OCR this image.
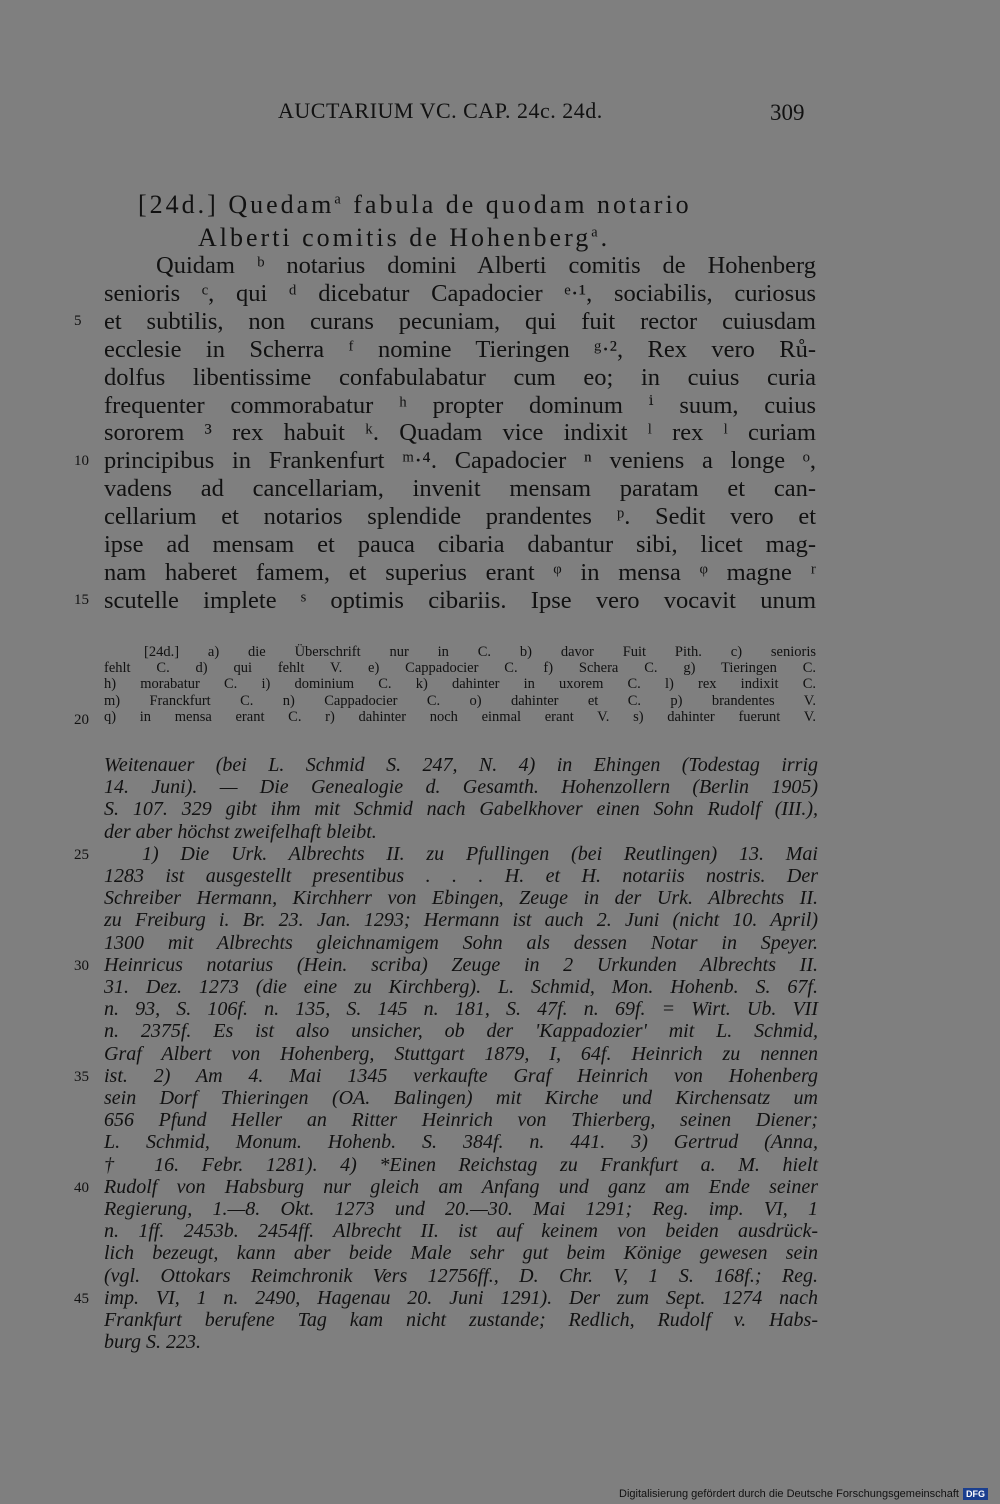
AUCTARIUM VC. CAP. 24c. 24d.	309
[24d.] Quedam$^a$ fabula de quodam notario
Alberti comitis de Hohenberg$^a$.
Quidam ᵇ notarius domini Alberti comitis de Hohenberg
senioris ᶜ, qui ᵈ dicebatur Capadocier ᵉ·¹, sociabilis, curiosus
et subtilis, non curans pecuniam, qui fuit rector cuiusdam
ecclesie in Scherra ᶠ nomine Tieringen ᵍ·², Rex vero Rů-
dolfus libentissime confabulabatur cum eo; in cuius curia
frequenter commorabatur ʰ propter dominum ⁱ suum, cuius
sororem ³ rex habuit ᵏ. Quadam vice indixit ˡ rex ˡ curiam
principibus in Frankenfurt ᵐ·⁴. Capadocier ⁿ veniens a longe ᵒ,
vadens ad cancellariam, invenit mensam paratam et can-
cellarium et notarios splendide prandentes ᵖ. Sedit vero et
ipse ad mensam et pauca cibaria dabantur sibi, licet mag-
nam haberet famem, et superius erant ᵠ in mensa ᵠ magne ʳ
scutelle implete ˢ optimis cibariis. Ipse vero vocavit unum
5
10
15
[24d.] a) die Überschrift nur in C. b) davor Fuit Pith. c) senioris
fehlt C. d) qui fehlt V. e) Cappadocier C. f) Schera C. g) Tieringen C.
h) morabatur C. i) dominium C. k) dahinter in uxorem C. l) rex indixit C.
m) Franckfurt C. n) Cappadocier C. o) dahinter et C. p) brandentes V.
q) in mensa erant C. r) dahinter noch einmal erant V. s) dahinter fuerunt V.
20
Weitenauer (bei L. Schmid S. 247, N. 4) in Ehingen (Todestag irrig
14. Juni). — Die Genealogie d. Gesamth. Hohenzollern (Berlin 1905)
S. 107. 329 gibt ihm mit Schmid nach Gabelkhover einen Sohn Rudolf (III.),
der aber höchst zweifelhaft bleibt.
1) Die Urk. Albrechts II. zu Pfullingen (bei Reutlingen) 13. Mai
1283 ist ausgestellt presentibus . . . H. et H. notariis nostris. Der
Schreiber Hermann, Kirchherr von Ebingen, Zeuge in der Urk. Albrechts II.
zu Freiburg i. Br. 23. Jan. 1293; Hermann ist auch 2. Juni (nicht 10. April)
1300 mit Albrechts gleichnamigem Sohn als dessen Notar in Speyer.
Heinricus notarius (Hein. scriba) Zeuge in 2 Urkunden Albrechts II.
31. Dez. 1273 (die eine zu Kirchberg). L. Schmid, Mon. Hohenb. S. 67f.
n. 93, S. 106f. n. 135, S. 145 n. 181, S. 47f. n. 69f. = Wirt. Ub. VII
n. 2375f. Es ist also unsicher, ob der 'Kappadozier' mit L. Schmid,
Graf Albert von Hohenberg, Stuttgart 1879, I, 64f. Heinrich zu nennen
ist. 2) Am 4. Mai 1345 verkaufte Graf Heinrich von Hohenberg
sein Dorf Thieringen (OA. Balingen) mit Kirche und Kirchensatz um
656 Pfund Heller an Ritter Heinrich von Thierberg, seinen Diener;
L. Schmid, Monum. Hohenb. S. 384f. n. 441. 3) Gertrud (Anna,
† 16. Febr. 1281). 4) *Einen Reichstag zu Frankfurt a. M. hielt
Rudolf von Habsburg nur gleich am Anfang und ganz am Ende seiner
Regierung, 1.—8. Okt. 1273 und 20.—30. Mai 1291; Reg. imp. VI, 1
n. 1ff. 2453b. 2454ff. Albrecht II. ist auf keinem von beiden ausdrück-
lich bezeugt, kann aber beide Male sehr gut beim Könige gewesen sein
(vgl. Ottokars Reimchronik Vers 12756ff., D. Chr. V, 1 S. 168f.; Reg.
imp. VI, 1 n. 2490, Hagenau 20. Juni 1291). Der zum Sept. 1274 nach
Frankfurt berufene Tag kam nicht zustande; Redlich, Rudolf v. Habs-
burg S. 223.
25
30
35
40
45
Digitalisierung gefördert durch die Deutsche Forschungsgemeinschaft DFG
